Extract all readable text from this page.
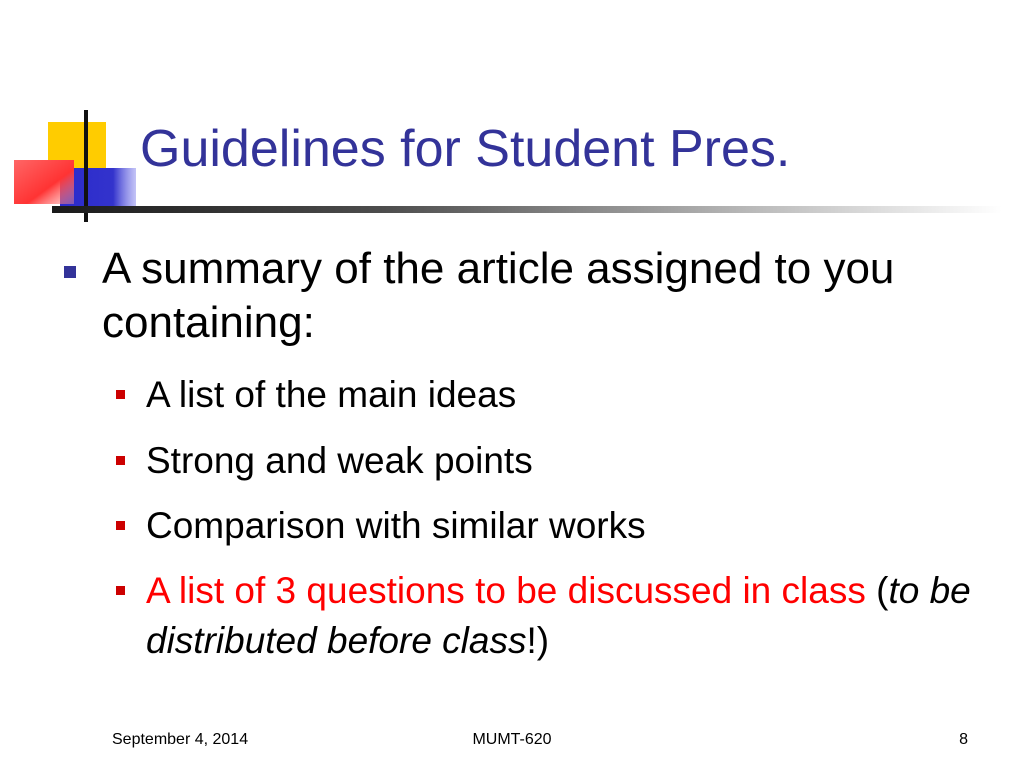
Guidelines for Student Pres.
A summary of the article assigned to you containing:
A list of the main ideas
Strong and weak points
Comparison with similar works
A list of 3 questions to be discussed in class (to be distributed before class!)
September 4, 2014	MUMT-620	8
